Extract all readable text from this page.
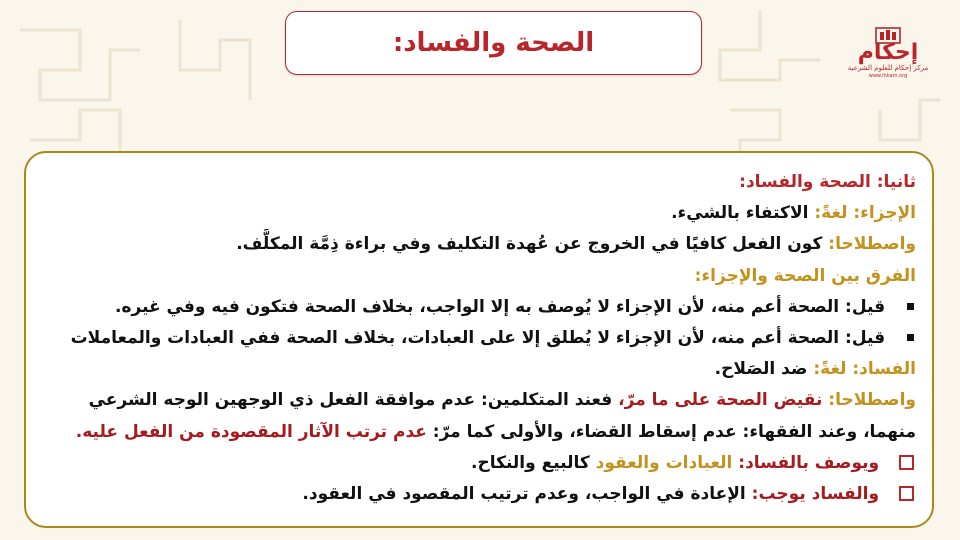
الصحة والفساد:	إحكام
مركز إحكام للعلوم الشرعية
www.ihkam.org
ثانيا: الصحة والفساد:
الإجزاء: لغةً: الاكتفاء بالشيء.
واصطلاحا: كون الفعل كافيًا في الخروج عن عُهدة التكليف وفي براءة ذِمَّة المكلَّف.
الفرق بين الصحة والإجزاء:
قيل: الصحة أعم منه، لأن الإجزاء لا يُوصف به إلا الواجب، بخلاف الصحة فتكون فيه وفي غيره.
قيل: الصحة أعم منه، لأن الإجزاء لا يُطلق إلا على العبادات، بخلاف الصحة ففي العبادات والمعاملات
الفساد: لغةً: ضد الصَلاح.
واصطلاحا: نقيض الصحة على ما مرّ، فعند المتكلمين: عدم موافقة الفعل ذي الوجهين الوجه الشرعي
منهما، وعند الفقهاء: عدم إسقاط القضاء، والأولى كما مرّ: عدم ترتب الآثار المقصودة من الفعل عليه.
ويوصف بالفساد: العبادات والعقود كالبيع والنكاح.
والفساد يوجب: الإعادة في الواجب، وعدم ترتيب المقصود في العقود.
